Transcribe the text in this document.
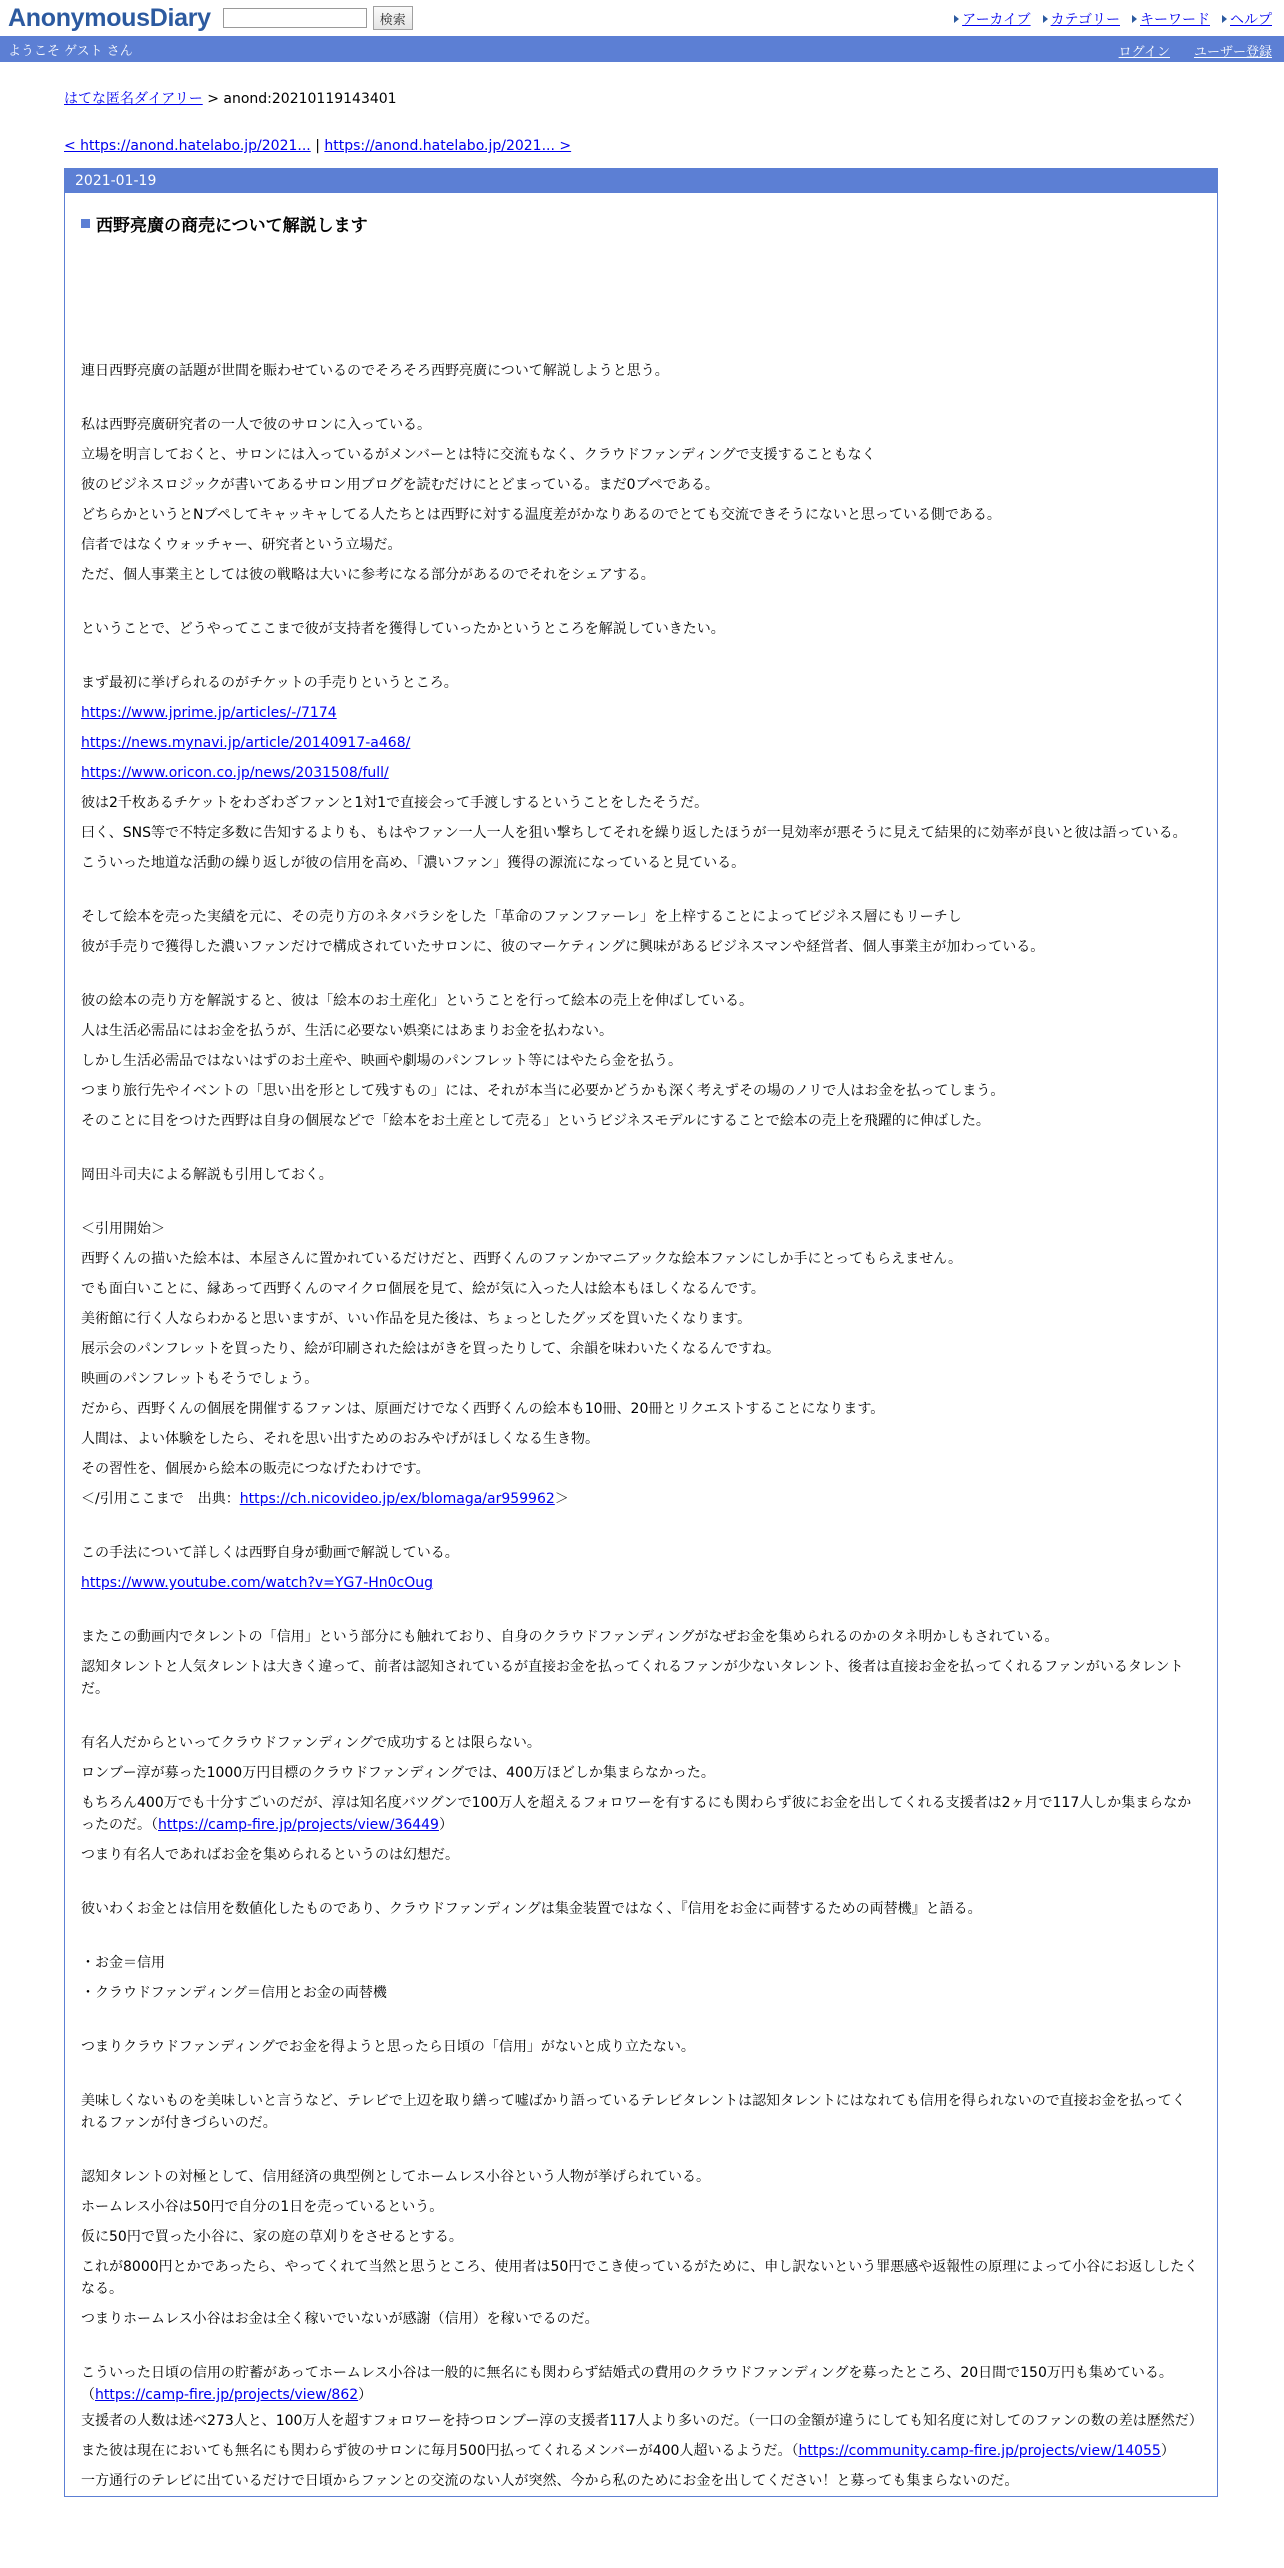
AnonymousDiary	検索	アーカイブ カテゴリー キーワード ヘルプ
ようこそ ゲスト さん	ログイン ユーザー登録
はてな匿名ダイアリー > anond:20210119143401
< https://anond.hatelabo.jp/2021... | https://anond.hatelabo.jp/2021... >
2021-01-19
西野亮廣の商売について解説します

連日西野亮廣の話題が世間を賑わせているのでそろそろ西野亮廣について解説しようと思う。

私は西野亮廣研究者の一人で彼のサロンに入っている。

立場を明言しておくと、サロンには入っているがメンバーとは特に交流もなく、クラウドファンディングで支援することもなく

彼のビジネスロジックが書いてあるサロン用ブログを読むだけにとどまっている。まだ0ブペである。

どちらかというとNブペしてキャッキャしてる人たちとは西野に対する温度差がかなりあるのでとても交流できそうにないと思っている側である。

信者ではなくウォッチャー、研究者という立場だ。

ただ、個人事業主としては彼の戦略は大いに参考になる部分があるのでそれをシェアする。

ということで、どうやってここまで彼が支持者を獲得していったかというところを解説していきたい。

まず最初に挙げられるのがチケットの手売りというところ。

https://www.jprime.jp/articles/-/7174

https://news.mynavi.jp/article/20140917-a468/

https://www.oricon.co.jp/news/2031508/full/

彼は2千枚あるチケットをわざわざファンと1対1で直接会って手渡しするということをしたそうだ。

曰く、SNS等で不特定多数に告知するよりも、もはやファン一人一人を狙い撃ちしてそれを繰り返したほうが一見効率が悪そうに見えて結果的に効率が良いと彼は語っている。

こういった地道な活動の繰り返しが彼の信用を高め、「濃いファン」獲得の源流になっていると見ている。

そして絵本を売った実績を元に、その売り方のネタバラシをした「革命のファンファーレ」を上梓することによってビジネス層にもリーチし

彼が手売りで獲得した濃いファンだけで構成されていたサロンに、彼のマーケティングに興味があるビジネスマンや経営者、個人事業主が加わっている。

彼の絵本の売り方を解説すると、彼は「絵本のお土産化」ということを行って絵本の売上を伸ばしている。

人は生活必需品にはお金を払うが、生活に必要ない娯楽にはあまりお金を払わない。

しかし生活必需品ではないはずのお土産や、映画や劇場のパンフレット等にはやたら金を払う。

つまり旅行先やイベントの「思い出を形として残すもの」には、それが本当に必要かどうかも深く考えずその場のノリで人はお金を払ってしまう。

そのことに目をつけた西野は自身の個展などで「絵本をお土産として売る」というビジネスモデルにすることで絵本の売上を飛躍的に伸ばした。

岡田斗司夫による解説も引用しておく。

＜引用開始＞

西野くんの描いた絵本は、本屋さんに置かれているだけだと、西野くんのファンかマニアックな絵本ファンにしか手にとってもらえません。

でも面白いことに、縁あって西野くんのマイクロ個展を見て、絵が気に入った人は絵本もほしくなるんです。

美術館に行く人ならわかると思いますが、いい作品を見た後は、ちょっとしたグッズを買いたくなります。

展示会のパンフレットを買ったり、絵が印刷された絵はがきを買ったりして、余韻を味わいたくなるんですね。

映画のパンフレットもそうでしょう。

だから、西野くんの個展を開催するファンは、原画だけでなく西野くんの絵本も10冊、20冊とリクエストすることになります。

人間は、よい体験をしたら、それを思い出すためのおみやげがほしくなる生き物。

その習性を、個展から絵本の販売につなげたわけです。

＜/引用ここまで　出典：https://ch.nicovideo.jp/ex/blomaga/ar959962＞

この手法について詳しくは西野自身が動画で解説している。

https://www.youtube.com/watch?v=YG7-Hn0cOug

またこの動画内でタレントの「信用」という部分にも触れており、自身のクラウドファンディングがなぜお金を集められるのかのタネ明かしもされている。

認知タレントと人気タレントは大きく違って、前者は認知されているが直接お金を払ってくれるファンが少ないタレント、後者は直接お金を払ってくれるファンがいるタレントだ。

有名人だからといってクラウドファンディングで成功するとは限らない。

ロンブー淳が募った1000万円目標のクラウドファンディングでは、400万ほどしか集まらなかった。

もちろん400万でも十分すごいのだが、淳は知名度バツグンで100万人を超えるフォロワーを有するにも関わらず彼にお金を出してくれる支援者は2ヶ月で117人しか集まらなかったのだ。（https://camp-fire.jp/projects/view/36449）

つまり有名人であればお金を集められるというのは幻想だ。

彼いわくお金とは信用を数値化したものであり、クラウドファンディングは集金装置ではなく、『信用をお金に両替するための両替機』と語る。

・お金＝信用

・クラウドファンディング＝信用とお金の両替機

つまりクラウドファンディングでお金を得ようと思ったら日頃の「信用」がないと成り立たない。

美味しくないものを美味しいと言うなど、テレビで上辺を取り繕って嘘ばかり語っているテレビタレントは認知タレントにはなれても信用を得られないので直接お金を払ってくれるファンが付きづらいのだ。

認知タレントの対極として、信用経済の典型例としてホームレス小谷という人物が挙げられている。

ホームレス小谷は50円で自分の1日を売っているという。

仮に50円で買った小谷に、家の庭の草刈りをさせるとする。

これが8000円とかであったら、やってくれて当然と思うところ、使用者は50円でこき使っているがために、申し訳ないという罪悪感や返報性の原理によって小谷にお返ししたくなる。

つまりホームレス小谷はお金は全く稼いでいないが感謝（信用）を稼いでるのだ。

こういった日頃の信用の貯蓄があってホームレス小谷は一般的に無名にも関わらず結婚式の費用のクラウドファンディングを募ったところ、20日間で150万円も集めている。（https://camp-fire.jp/projects/view/862）

支援者の人数は述べ273人と、100万人を超すフォロワーを持つロンブー淳の支援者117人より多いのだ。（一口の金額が違うにしても知名度に対してのファンの数の差は歴然だ）

また彼は現在においても無名にも関わらず彼のサロンに毎月500円払ってくれるメンバーが400人超いるようだ。（https://community.camp-fire.jp/projects/view/14055）

一方通行のテレビに出ているだけで日頃からファンとの交流のない人が突然、今から私のためにお金を出してください！と募っても集まらないのだ。
